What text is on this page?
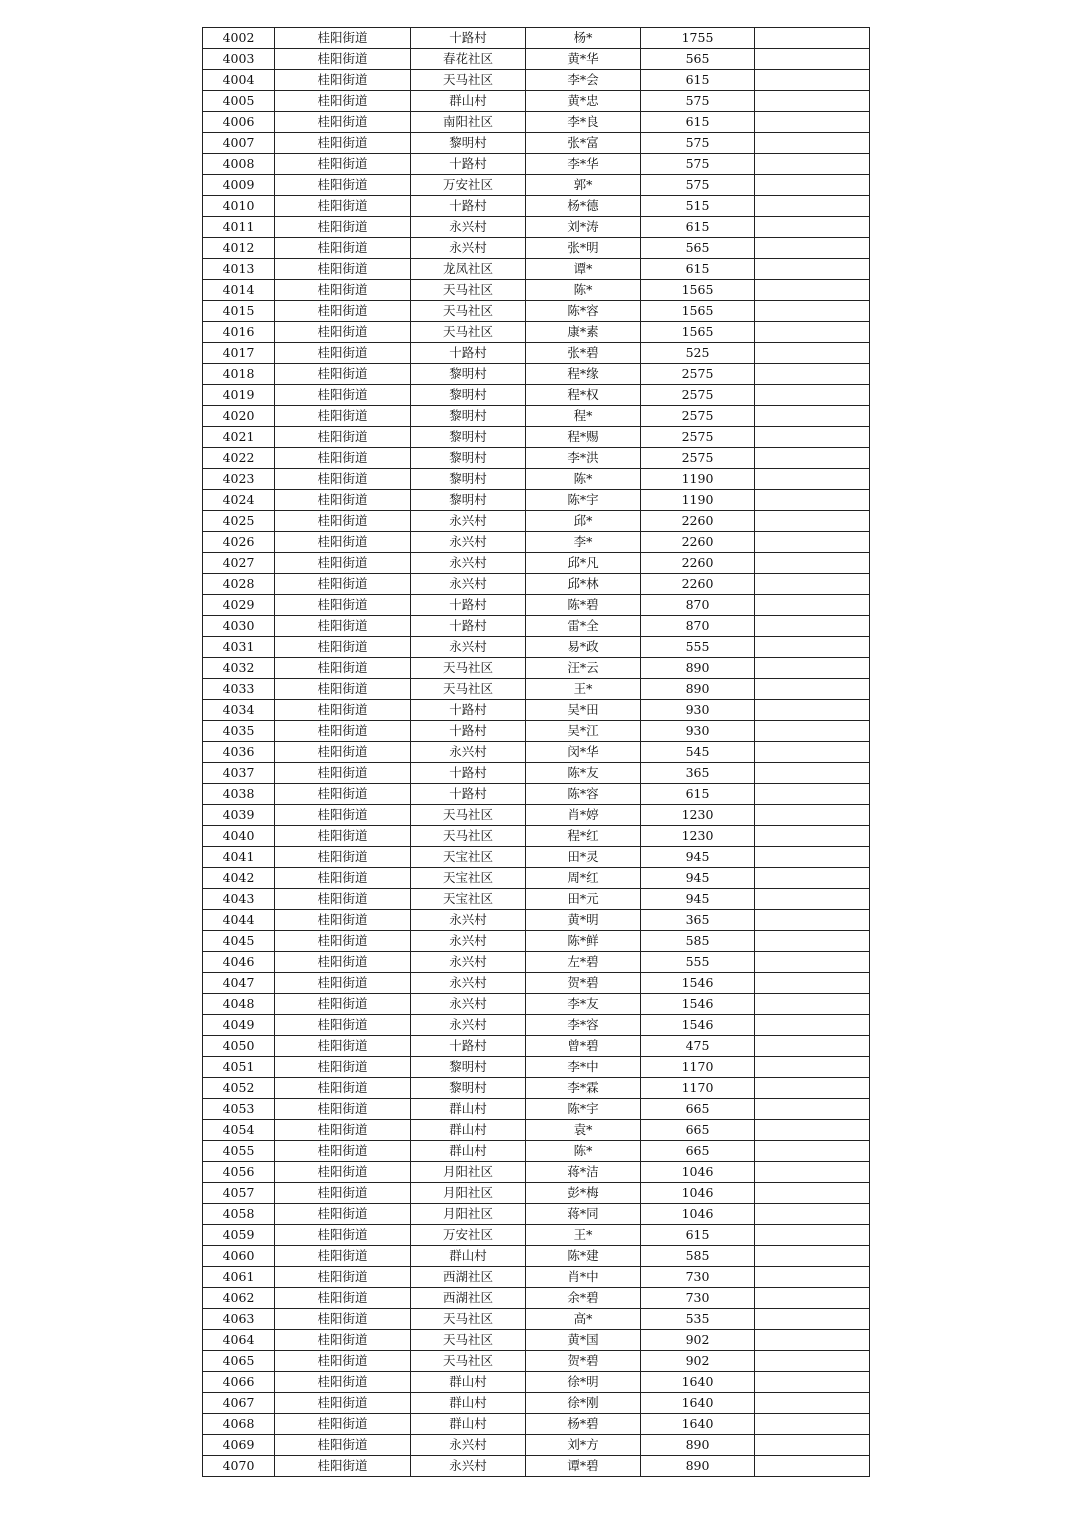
4002	桂阳街道	十路村	杨*	1755	
4003	桂阳街道	春花社区	黄*华	565	
4004	桂阳街道	天马社区	李*会	615	
4005	桂阳街道	群山村	黄*忠	575	
4006	桂阳街道	南阳社区	李*良	615	
4007	桂阳街道	黎明村	张*富	575	
4008	桂阳街道	十路村	李*华	575	
4009	桂阳街道	万安社区	郭*	575	
4010	桂阳街道	十路村	杨*德	515	
4011	桂阳街道	永兴村	刘*涛	615	
4012	桂阳街道	永兴村	张*明	565	
4013	桂阳街道	龙凤社区	谭*	615	
4014	桂阳街道	天马社区	陈*	1565	
4015	桂阳街道	天马社区	陈*容	1565	
4016	桂阳街道	天马社区	康*素	1565	
4017	桂阳街道	十路村	张*碧	525	
4018	桂阳街道	黎明村	程*缘	2575	
4019	桂阳街道	黎明村	程*权	2575	
4020	桂阳街道	黎明村	程*	2575	
4021	桂阳街道	黎明村	程*赐	2575	
4022	桂阳街道	黎明村	李*洪	2575	
4023	桂阳街道	黎明村	陈*	1190	
4024	桂阳街道	黎明村	陈*宇	1190	
4025	桂阳街道	永兴村	邱*	2260	
4026	桂阳街道	永兴村	李*	2260	
4027	桂阳街道	永兴村	邱*凡	2260	
4028	桂阳街道	永兴村	邱*林	2260	
4029	桂阳街道	十路村	陈*碧	870	
4030	桂阳街道	十路村	雷*全	870	
4031	桂阳街道	永兴村	易*政	555	
4032	桂阳街道	天马社区	汪*云	890	
4033	桂阳街道	天马社区	王*	890	
4034	桂阳街道	十路村	吴*田	930	
4035	桂阳街道	十路村	吴*江	930	
4036	桂阳街道	永兴村	闵*华	545	
4037	桂阳街道	十路村	陈*友	365	
4038	桂阳街道	十路村	陈*容	615	
4039	桂阳街道	天马社区	肖*婷	1230	
4040	桂阳街道	天马社区	程*红	1230	
4041	桂阳街道	天宝社区	田*灵	945	
4042	桂阳街道	天宝社区	周*红	945	
4043	桂阳街道	天宝社区	田*元	945	
4044	桂阳街道	永兴村	黄*明	365	
4045	桂阳街道	永兴村	陈*鲜	585	
4046	桂阳街道	永兴村	左*碧	555	
4047	桂阳街道	永兴村	贺*碧	1546	
4048	桂阳街道	永兴村	李*友	1546	
4049	桂阳街道	永兴村	李*容	1546	
4050	桂阳街道	十路村	曾*碧	475	
4051	桂阳街道	黎明村	李*中	1170	
4052	桂阳街道	黎明村	李*霖	1170	
4053	桂阳街道	群山村	陈*宇	665	
4054	桂阳街道	群山村	袁*	665	
4055	桂阳街道	群山村	陈*	665	
4056	桂阳街道	月阳社区	蒋*洁	1046	
4057	桂阳街道	月阳社区	彭*梅	1046	
4058	桂阳街道	月阳社区	蒋*同	1046	
4059	桂阳街道	万安社区	王*	615	
4060	桂阳街道	群山村	陈*建	585	
4061	桂阳街道	西湖社区	肖*中	730	
4062	桂阳街道	西湖社区	余*碧	730	
4063	桂阳街道	天马社区	高*	535	
4064	桂阳街道	天马社区	黄*国	902	
4065	桂阳街道	天马社区	贺*碧	902	
4066	桂阳街道	群山村	徐*明	1640	
4067	桂阳街道	群山村	徐*刚	1640	
4068	桂阳街道	群山村	杨*碧	1640	
4069	桂阳街道	永兴村	刘*方	890	
4070	桂阳街道	永兴村	谭*碧	890	
